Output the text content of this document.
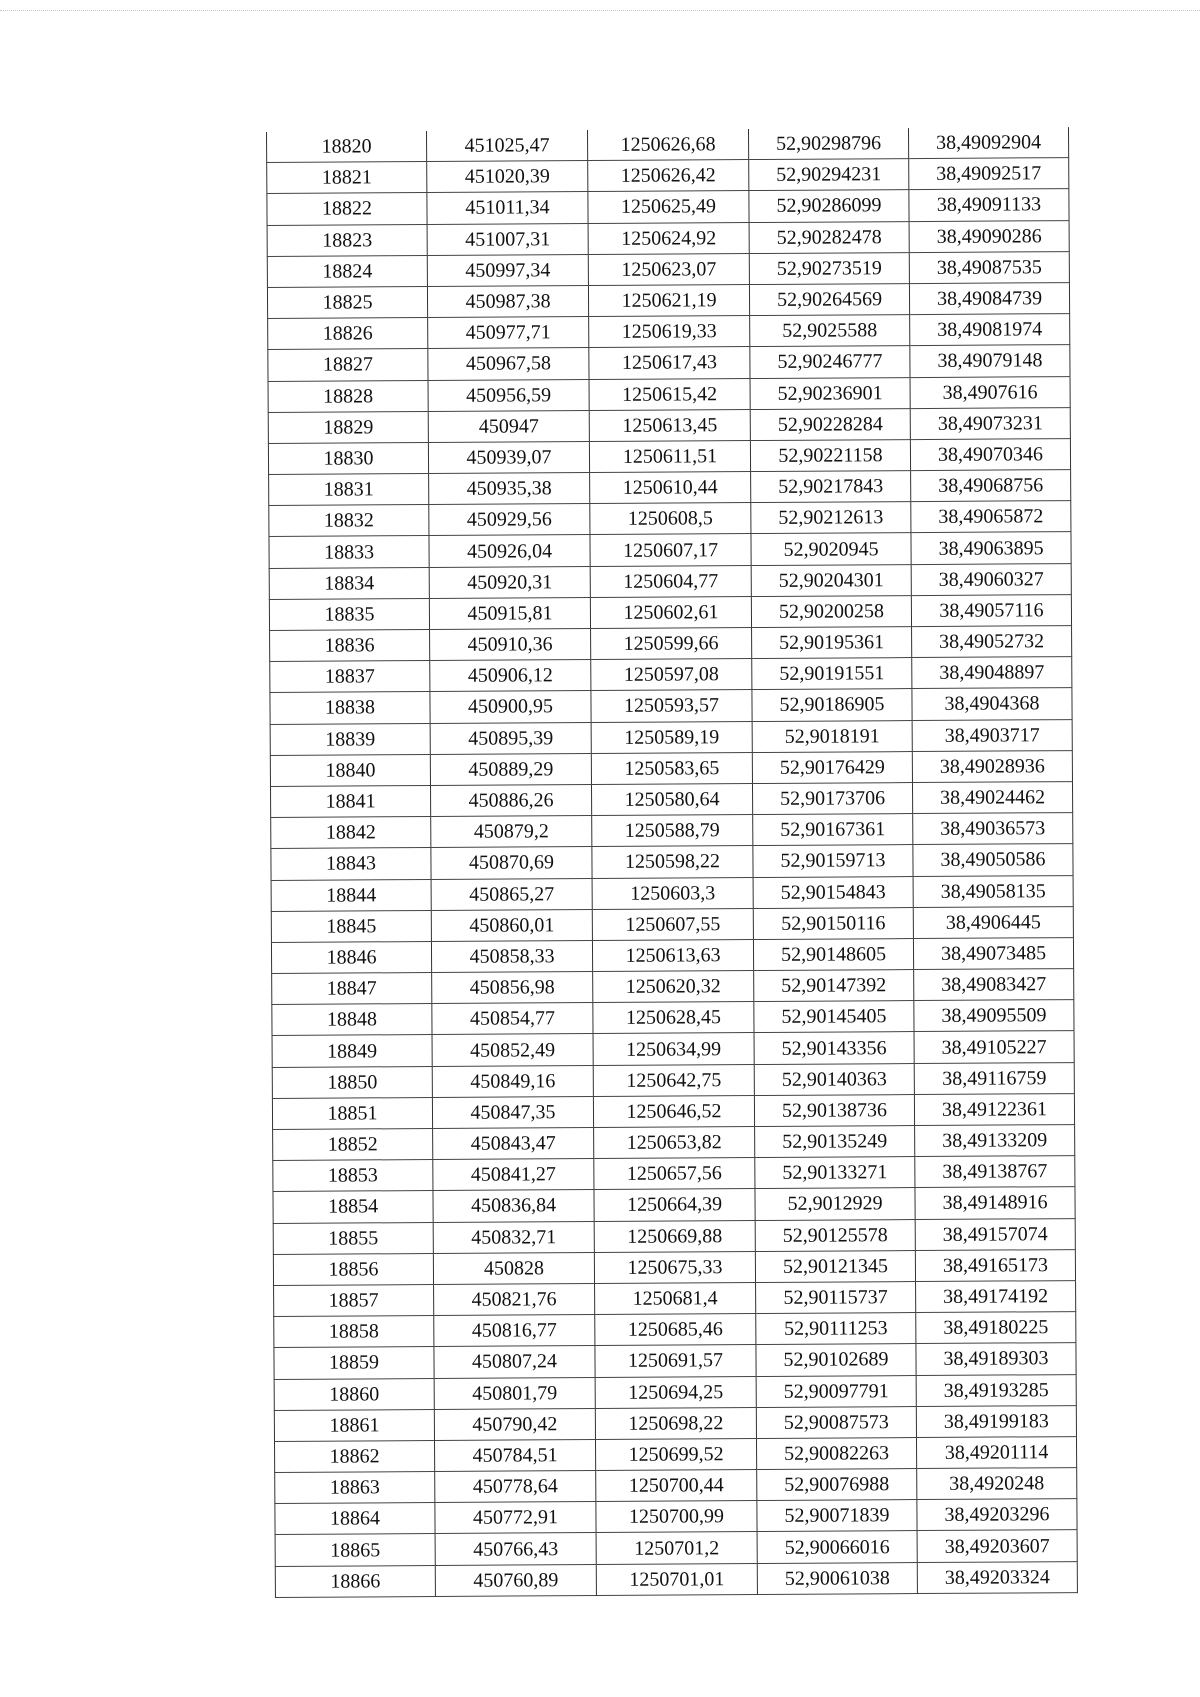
18820	451025,47	1250626,68	52,90298796	38,49092904
18821	451020,39	1250626,42	52,90294231	38,49092517
18822	451011,34	1250625,49	52,90286099	38,49091133
18823	451007,31	1250624,92	52,90282478	38,49090286
18824	450997,34	1250623,07	52,90273519	38,49087535
18825	450987,38	1250621,19	52,90264569	38,49084739
18826	450977,71	1250619,33	52,9025588	38,49081974
18827	450967,58	1250617,43	52,90246777	38,49079148
18828	450956,59	1250615,42	52,90236901	38,4907616
18829	450947	1250613,45	52,90228284	38,49073231
18830	450939,07	1250611,51	52,90221158	38,49070346
18831	450935,38	1250610,44	52,90217843	38,49068756
18832	450929,56	1250608,5	52,90212613	38,49065872
18833	450926,04	1250607,17	52,9020945	38,49063895
18834	450920,31	1250604,77	52,90204301	38,49060327
18835	450915,81	1250602,61	52,90200258	38,49057116
18836	450910,36	1250599,66	52,90195361	38,49052732
18837	450906,12	1250597,08	52,90191551	38,49048897
18838	450900,95	1250593,57	52,90186905	38,4904368
18839	450895,39	1250589,19	52,9018191	38,4903717
18840	450889,29	1250583,65	52,90176429	38,49028936
18841	450886,26	1250580,64	52,90173706	38,49024462
18842	450879,2	1250588,79	52,90167361	38,49036573
18843	450870,69	1250598,22	52,90159713	38,49050586
18844	450865,27	1250603,3	52,90154843	38,49058135
18845	450860,01	1250607,55	52,90150116	38,4906445
18846	450858,33	1250613,63	52,90148605	38,49073485
18847	450856,98	1250620,32	52,90147392	38,49083427
18848	450854,77	1250628,45	52,90145405	38,49095509
18849	450852,49	1250634,99	52,90143356	38,49105227
18850	450849,16	1250642,75	52,90140363	38,49116759
18851	450847,35	1250646,52	52,90138736	38,49122361
18852	450843,47	1250653,82	52,90135249	38,49133209
18853	450841,27	1250657,56	52,90133271	38,49138767
18854	450836,84	1250664,39	52,9012929	38,49148916
18855	450832,71	1250669,88	52,90125578	38,49157074
18856	450828	1250675,33	52,90121345	38,49165173
18857	450821,76	1250681,4	52,90115737	38,49174192
18858	450816,77	1250685,46	52,90111253	38,49180225
18859	450807,24	1250691,57	52,90102689	38,49189303
18860	450801,79	1250694,25	52,90097791	38,49193285
18861	450790,42	1250698,22	52,90087573	38,49199183
18862	450784,51	1250699,52	52,90082263	38,49201114
18863	450778,64	1250700,44	52,90076988	38,4920248
18864	450772,91	1250700,99	52,90071839	38,49203296
18865	450766,43	1250701,2	52,90066016	38,49203607
18866	450760,89	1250701,01	52,90061038	38,49203324
